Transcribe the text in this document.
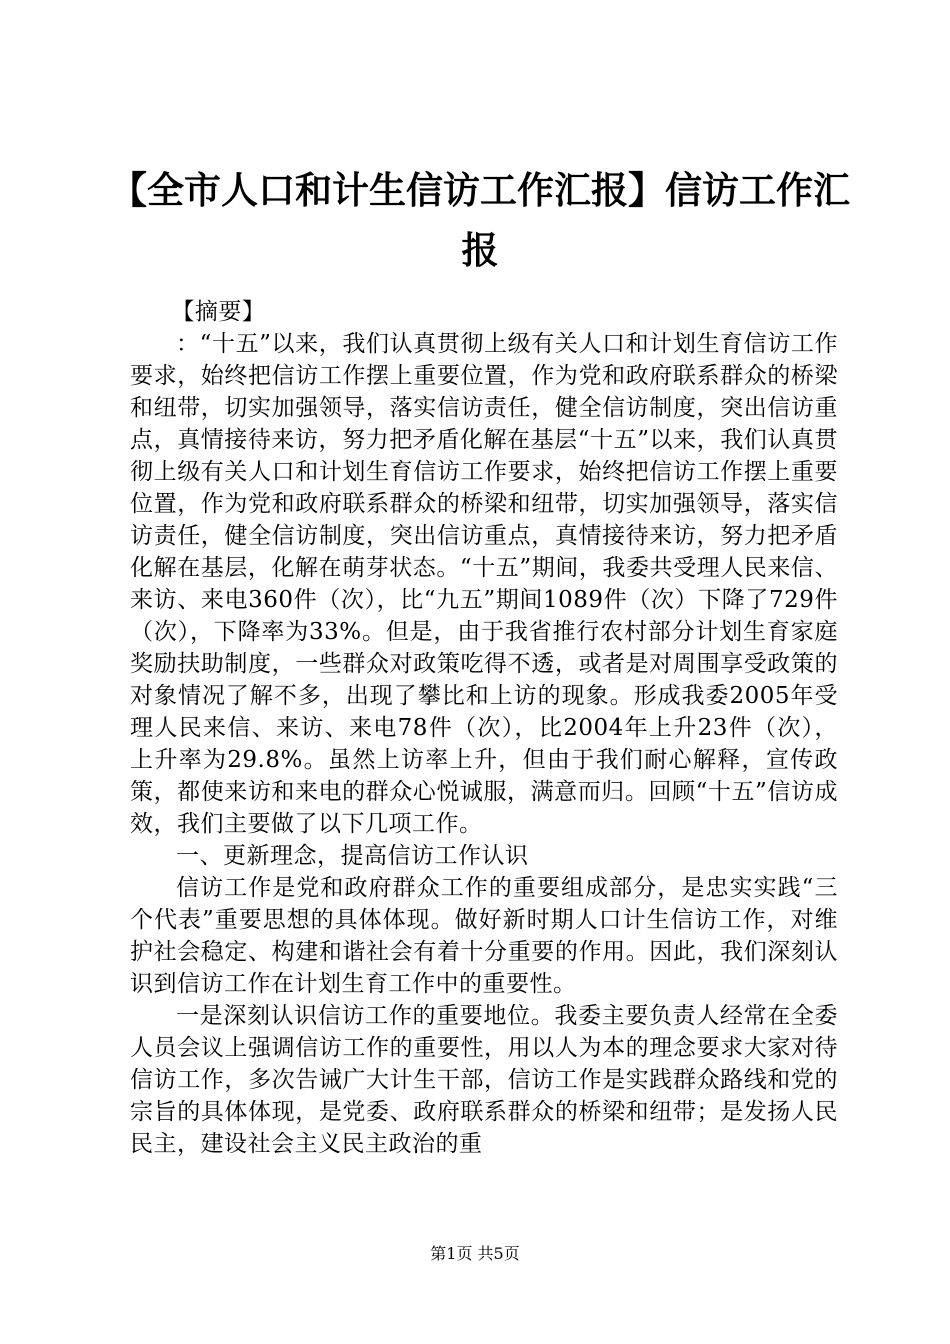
【全市人口和计生信访工作汇报】信访工作汇报

【摘要】

：“十五”以来，我们认真贯彻上级有关人口和计划生育信访工作要求，始终把信访工作摆上重要位置，作为党和政府联系群众的桥梁和纽带，切实加强领导，落实信访责任，健全信访制度，突出信访重点，真情接待来访，努力把矛盾化解在基层“十五”以来，我们认真贯彻上级有关人口和计划生育信访工作要求，始终把信访工作摆上重要位置，作为党和政府联系群众的桥梁和纽带，切实加强领导，落实信访责任，健全信访制度，突出信访重点，真情接待来访，努力把矛盾化解在基层，化解在萌芽状态。“十五”期间，我委共受理人民来信、来访、来电360件（次），比“九五”期间1089件（次）下降了729件（次），下降率为33%。但是，由于我省推行农村部分计划生育家庭奖励扶助制度，一些群众对政策吃得不透，或者是对周围享受政策的对象情况了解不多，出现了攀比和上访的现象。形成我委2005年受理人民来信、来访、来电78件（次），比2004年上升23件（次），上升率为29.8%。虽然上访率上升，但由于我们耐心解释，宣传政策，都使来访和来电的群众心悦诚服，满意而归。回顾“十五”信访成效，我们主要做了以下几项工作。

一、更新理念，提高信访工作认识

信访工作是党和政府群众工作的重要组成部分，是忠实实践“三个代表”重要思想的具体体现。做好新时期人口计生信访工作，对维护社会稳定、构建和谐社会有着十分重要的作用。因此，我们深刻认识到信访工作在计划生育工作中的重要性。

一是深刻认识信访工作的重要地位。我委主要负责人经常在全委人员会议上强调信访工作的重要性，用以人为本的理念要求大家对待信访工作，多次告诫广大计生干部，信访工作是实践群众路线和党的宗旨的具体体现，是党委、政府联系群众的桥梁和纽带；是发扬人民民主，建设社会主义民主政治的重

第1页 共5页
